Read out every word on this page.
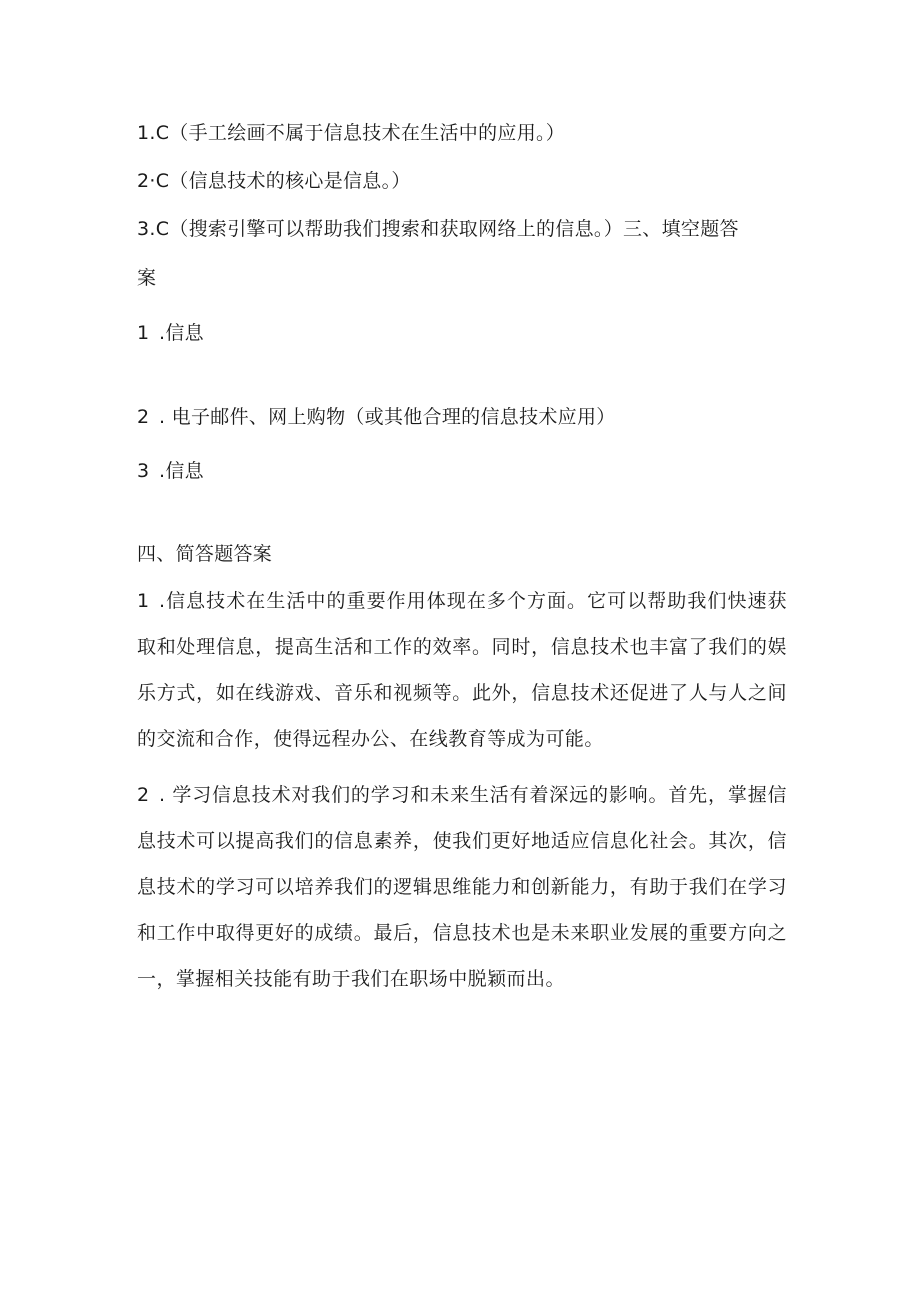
1.C（手工绘画不属于信息技术在生活中的应用。）
2·C（信息技术的核心是信息。）
3.C（搜索引擎可以帮助我们搜索和获取网络上的信息。）三、填空题答
案
1 .信息
2 . 电子邮件、网上购物（或其他合理的信息技术应用）
3 .信息
四、简答题答案
1 .信息技术在生活中的重要作用体现在多个方面。它可以帮助我们快速获取和处理信息，提高生活和工作的效率。同时，信息技术也丰富了我们的娱乐方式，如在线游戏、音乐和视频等。此外，信息技术还促进了人与人之间的交流和合作，使得远程办公、在线教育等成为可能。
2 . 学习信息技术对我们的学习和未来生活有着深远的影响。首先，掌握信息技术可以提高我们的信息素养，使我们更好地适应信息化社会。其次，信息技术的学习可以培养我们的逻辑思维能力和创新能力，有助于我们在学习和工作中取得更好的成绩。最后，信息技术也是未来职业发展的重要方向之一，掌握相关技能有助于我们在职场中脱颖而出。
